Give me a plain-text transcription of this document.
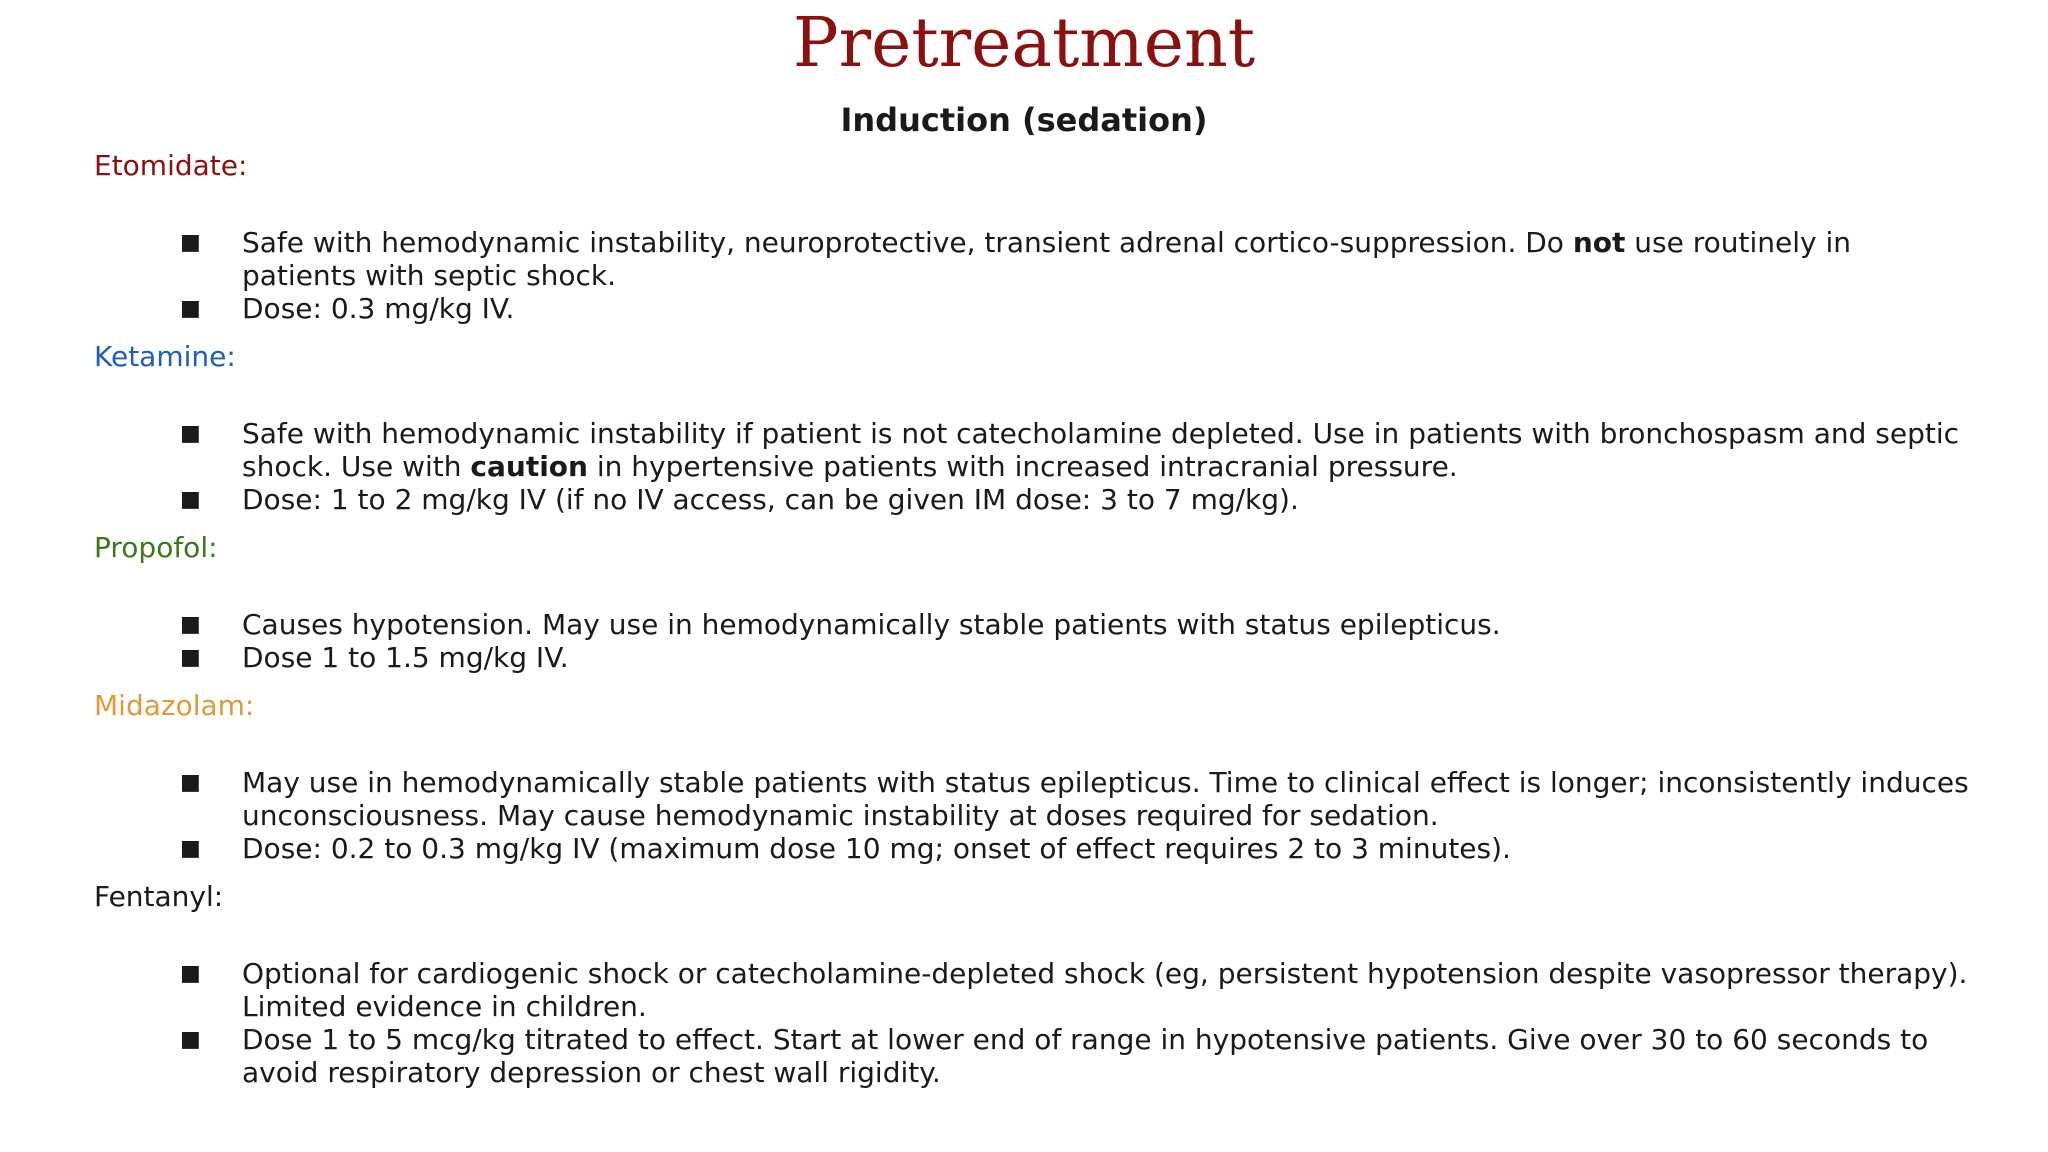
Pretreatment
Induction (sedation)
Etomidate:
■ Safe with hemodynamic instability, neuroprotective, transient adrenal cortico-suppression. Do not use routinely in patients with septic shock.
■ Dose: 0.3 mg/kg IV.
Ketamine:
■ Safe with hemodynamic instability if patient is not catecholamine depleted. Use in patients with bronchospasm and septic shock. Use with caution in hypertensive patients with increased intracranial pressure.
■ Dose: 1 to 2 mg/kg IV (if no IV access, can be given IM dose: 3 to 7 mg/kg).
Propofol:
■ Causes hypotension. May use in hemodynamically stable patients with status epilepticus.
■ Dose 1 to 1.5 mg/kg IV.
Midazolam:
■ May use in hemodynamically stable patients with status epilepticus. Time to clinical effect is longer; inconsistently induces unconsciousness. May cause hemodynamic instability at doses required for sedation.
■ Dose: 0.2 to 0.3 mg/kg IV (maximum dose 10 mg; onset of effect requires 2 to 3 minutes).
Fentanyl:
■ Optional for cardiogenic shock or catecholamine-depleted shock (eg, persistent hypotension despite vasopressor therapy). Limited evidence in children.
■ Dose 1 to 5 mcg/kg titrated to effect. Start at lower end of range in hypotensive patients. Give over 30 to 60 seconds to avoid respiratory depression or chest wall rigidity.
